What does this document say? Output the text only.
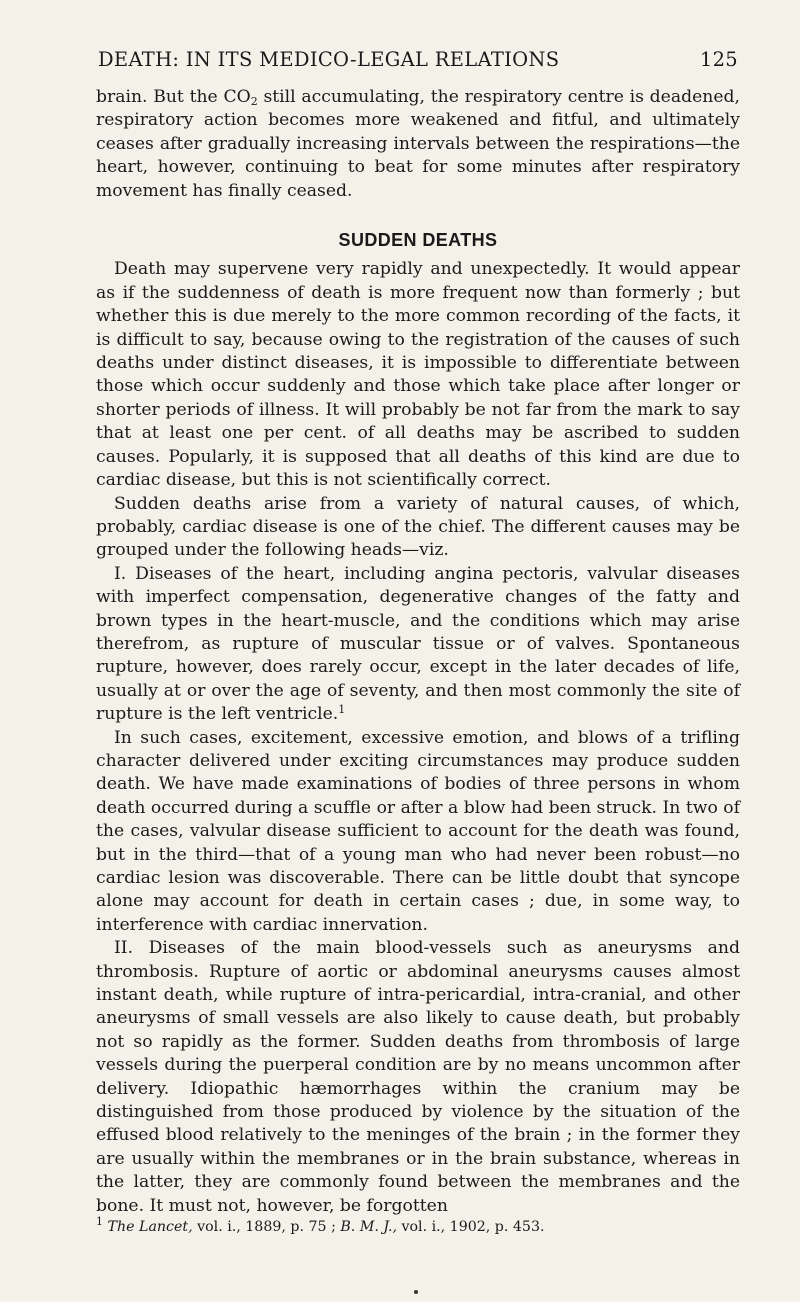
DEATH: IN ITS MEDICO-LEGAL RELATIONS	125

brain. But the $CO_2$ still accumulating, the respiratory centre is deadened, respiratory action becomes more weakened and fitful, and ultimately ceases after gradually increasing intervals between the respirations—the heart, however, continuing to beat for some minutes after respiratory movement has finally ceased.

SUDDEN DEATHS

Death may supervene very rapidly and unexpectedly. It would appear as if the suddenness of death is more frequent now than formerly ; but whether this is due merely to the more common recording of the facts, it is difficult to say, because owing to the registration of the causes of such deaths under distinct diseases, it is impossible to differentiate between those which occur suddenly and those which take place after longer or shorter periods of illness. It will probably be not far from the mark to say that at least one per cent. of all deaths may be ascribed to sudden causes. Popularly, it is supposed that all deaths of this kind are due to cardiac disease, but this is not scientifically correct.

Sudden deaths arise from a variety of natural causes, of which, probably, cardiac disease is one of the chief. The different causes may be grouped under the following heads—viz.

I. Diseases of the heart, including angina pectoris, valvular diseases with imperfect compensation, degenerative changes of the fatty and brown types in the heart-muscle, and the conditions which may arise therefrom, as rupture of muscular tissue or of valves. Spontaneous rupture, however, does rarely occur, except in the later decades of life, usually at or over the age of seventy, and then most commonly the site of rupture is the left ventricle.$^1$

In such cases, excitement, excessive emotion, and blows of a trifling character delivered under exciting circumstances may produce sudden death. We have made examinations of bodies of three persons in whom death occurred during a scuffle or after a blow had been struck. In two of the cases, valvular disease sufficient to account for the death was found, but in the third—that of a young man who had never been robust—no cardiac lesion was discoverable. There can be little doubt that syncope alone may account for death in certain cases ; due, in some way, to interference with cardiac innervation.

II. Diseases of the main blood-vessels such as aneurysms and thrombosis. Rupture of aortic or abdominal aneurysms causes almost instant death, while rupture of intra-pericardial, intra-cranial, and other aneurysms of small vessels are also likely to cause death, but probably not so rapidly as the former. Sudden deaths from thrombosis of large vessels during the puerperal condition are by no means uncommon after delivery. Idiopathic hæmorrhages within the cranium may be distinguished from those produced by violence by the situation of the effused blood relatively to the meninges of the brain ; in the former they are usually within the membranes or in the brain substance, whereas in the latter, they are commonly found between the membranes and the bone. It must not, however, be forgotten

$^1$ The Lancet, vol. i., 1889, p. 75 ; B. M. J., vol. i., 1902, p. 453.
